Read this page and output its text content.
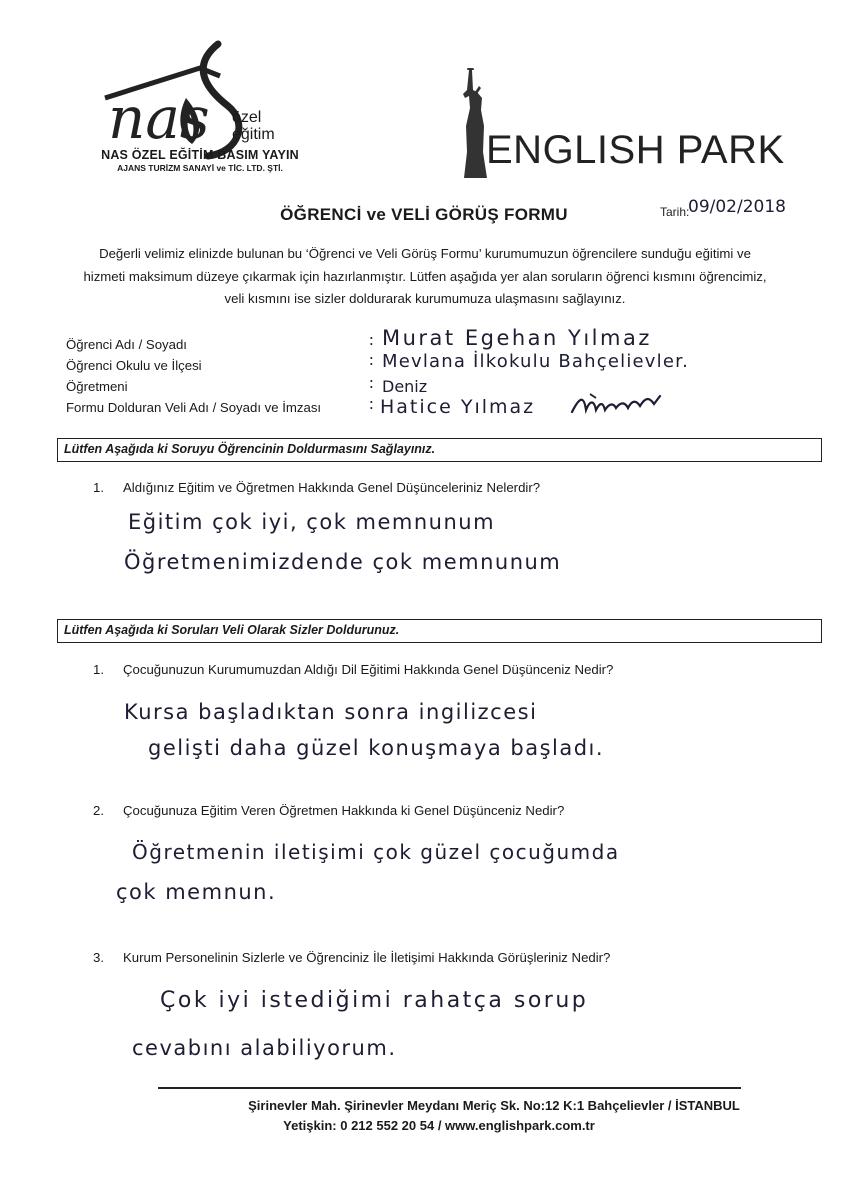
nas özel
eğitim
NAS ÖZEL EĞİTİM BASIM YAYIN
AJANS TURİZM SANAYİ ve TİC. LTD. ŞTİ.	ENGLISH PARK
ÖĞRENCİ ve VELİ GÖRÜŞ FORMU	Tarih:
09/02/2018

Değerli velimiz elinizde bulunan bu ‘Öğrenci ve Veli Görüş Formu’ kurumumuzun öğrencilere sunduğu eğitimi ve

hizmeti maksimum düzeye çıkarmak için hazırlanmıştır. Lütfen aşağıda yer alan soruların öğrenci kısmını öğrencimiz,

veli kısmını ise sizler doldurarak kurumumuza ulaşmasını sağlayınız.

Öğrenci Adı / Soyadı	: Murat Egehan Yılmaz
Öğrenci Okulu ve İlçesi	: Mevlana İlkokulu Bahçelievler.
Öğretmeni	: Deniz
Formu Dolduran Veli Adı / Soyadı ve İmzası	: Hatice Yılmaz
Lütfen Aşağıda ki Soruyu Öğrencinin Doldurmasını Sağlayınız.
1. Aldığınız Eğitim ve Öğretmen Hakkında Genel Düşünceleriniz Nelerdir?
Eğitim çok iyi, çok memnunum
Öğretmenimizdende çok memnunum
Lütfen Aşağıda ki Soruları Veli Olarak Sizler Doldurunuz.
1. Çocuğunuzun Kurumumuzdan Aldığı Dil Eğitimi Hakkında Genel Düşünceniz Nedir?
Kursa başladıktan sonra ingilizcesi
gelişti daha güzel konuşmaya başladı.
2. Çocuğunuza Eğitim Veren Öğretmen Hakkında ki Genel Düşünceniz Nedir?
Öğretmenin iletişimi çok güzel çocuğumda
çok memnun.
3. Kurum Personelinin Sizlerle ve Öğrenciniz İle İletişimi Hakkında Görüşleriniz Nedir?
Çok iyi istediğimi rahatça sorup
cevabını alabiliyorum.
Şirinevler Mah. Şirinevler Meydanı Meriç Sk. No:12 K:1 Bahçelievler / İSTANBUL
Yetişkin: 0 212 552 20 54 / www.englishpark.com.tr
